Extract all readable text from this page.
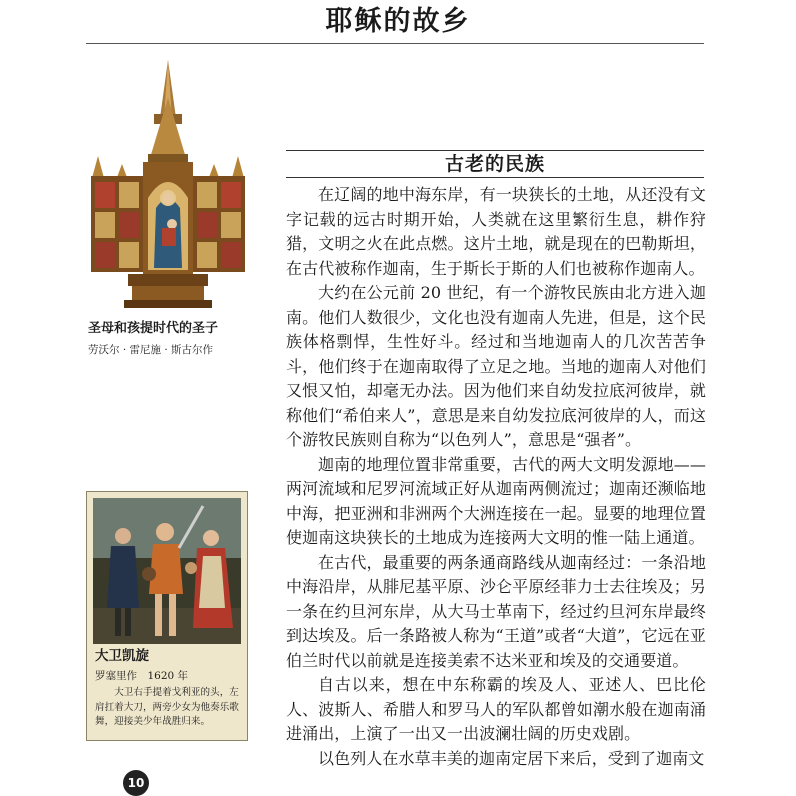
耶稣的故乡
圣母和孩提时代的圣子
劳沃尔 · 雷尼施 · 斯古尔作
古老的民族

在辽阔的地中海东岸，有一块狭长的土地，从还没有文字记载的远古时期开始，人类就在这里繁衍生息，耕作狩猎，文明之火在此点燃。这片土地，就是现在的巴勒斯坦，在古代被称作迦南，生于斯长于斯的人们也被称作迦南人。

大约在公元前 20 世纪，有一个游牧民族由北方进入迦南。他们人数很少，文化也没有迦南人先进，但是，这个民族体格剽悍，生性好斗。经过和当地迦南人的几次苦苦争斗，他们终于在迦南取得了立足之地。当地的迦南人对他们又恨又怕，却毫无办法。因为他们来自幼发拉底河彼岸，就称他们“希伯来人”，意思是来自幼发拉底河彼岸的人，而这个游牧民族则自称为“以色列人”，意思是“强者”。

迦南的地理位置非常重要，古代的两大文明发源地——两河流域和尼罗河流域正好从迦南两侧流过；迦南还濒临地中海，把亚洲和非洲两个大洲连接在一起。显要的地理位置使迦南这块狭长的土地成为连接两大文明的惟一陆上通道。

在古代，最重要的两条通商路线从迦南经过：一条沿地中海沿岸，从腓尼基平原、沙仑平原经菲力士去往埃及；另一条在约旦河东岸，从大马士革南下，经过约旦河东岸最终到达埃及。后一条路被人称为“王道”或者“大道”，它远在亚伯兰时代以前就是连接美索不达米亚和埃及的交通要道。

自古以来，想在中东称霸的埃及人、亚述人、巴比伦人、波斯人、希腊人和罗马人的军队都曾如潮水般在迦南涌进涌出，上演了一出又一出波澜壮阔的历史戏剧。

以色列人在水草丰美的迦南定居下来后，受到了迦南文

大卫凯旋
罗塞里作　1620 年
大卫右手提着戈利亚的头，左肩扛着大刀，两旁少女为他奏乐歌舞，迎接美少年战胜归来。
10
